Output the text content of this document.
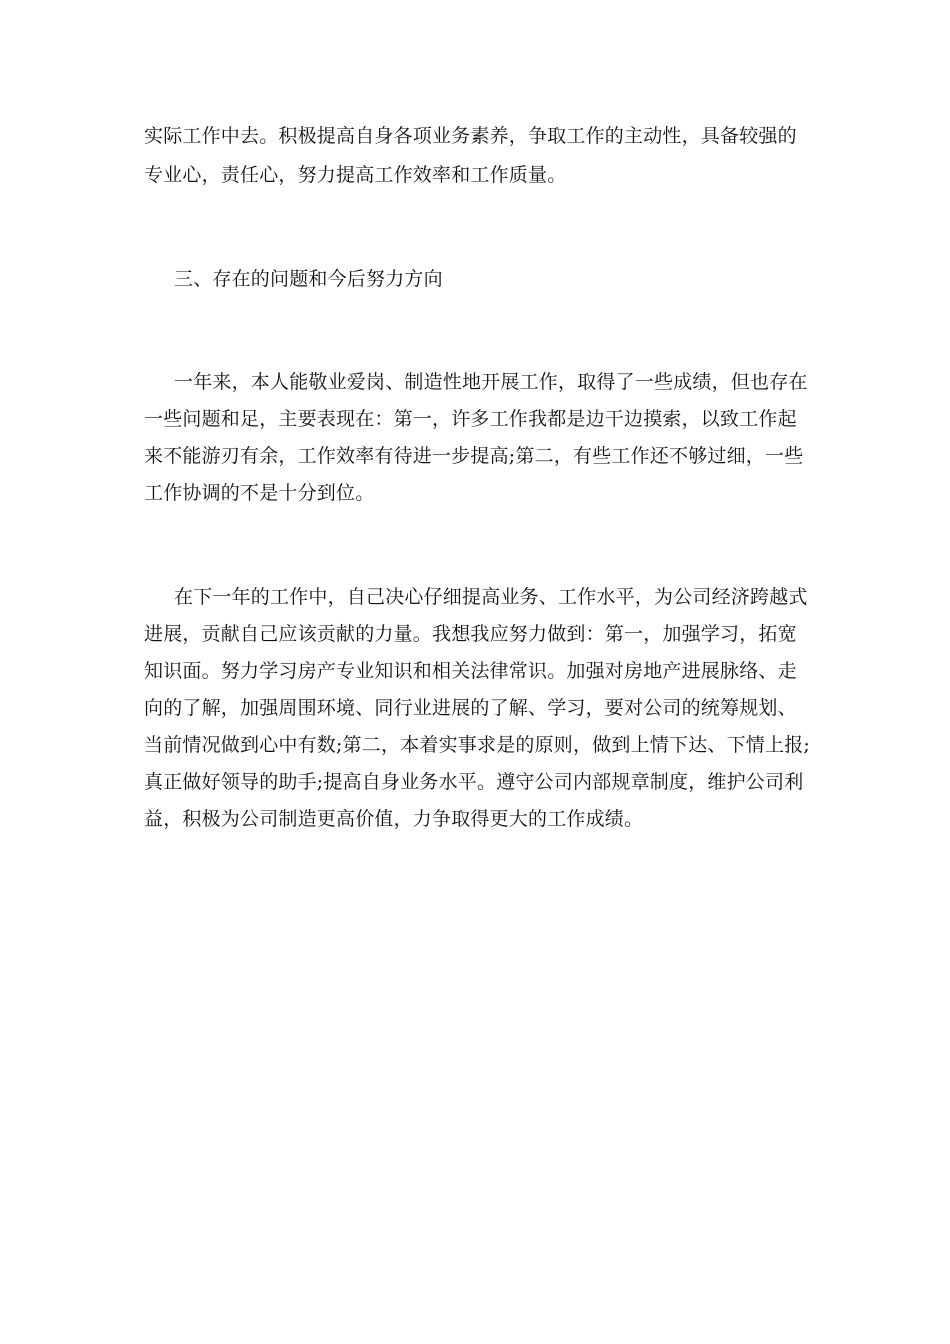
实际工作中去。积极提高自身各项业务素养，争取工作的主动性，具备较强的
专业心，责任心，努力提高工作效率和工作质量。
三、存在的问题和今后努力方向
一年来，本人能敬业爱岗、制造性地开展工作，取得了一些成绩，但也存在
一些问题和足，主要表现在：第一，许多工作我都是边干边摸索，以致工作起
来不能游刃有余，工作效率有待进一步提高;第二，有些工作还不够过细，一些
工作协调的不是十分到位。
在下一年的工作中，自己决心仔细提高业务、工作水平，为公司经济跨越式
进展，贡献自己应该贡献的力量。我想我应努力做到：第一，加强学习，拓宽
知识面。努力学习房产专业知识和相关法律常识。加强对房地产进展脉络、走
向的了解，加强周围环境、同行业进展的了解、学习，要对公司的统筹规划、
当前情况做到心中有数;第二，本着实事求是的原则，做到上情下达、下情上报;
真正做好领导的助手;提高自身业务水平。遵守公司内部规章制度，维护公司利
益，积极为公司制造更高价值，力争取得更大的工作成绩。
